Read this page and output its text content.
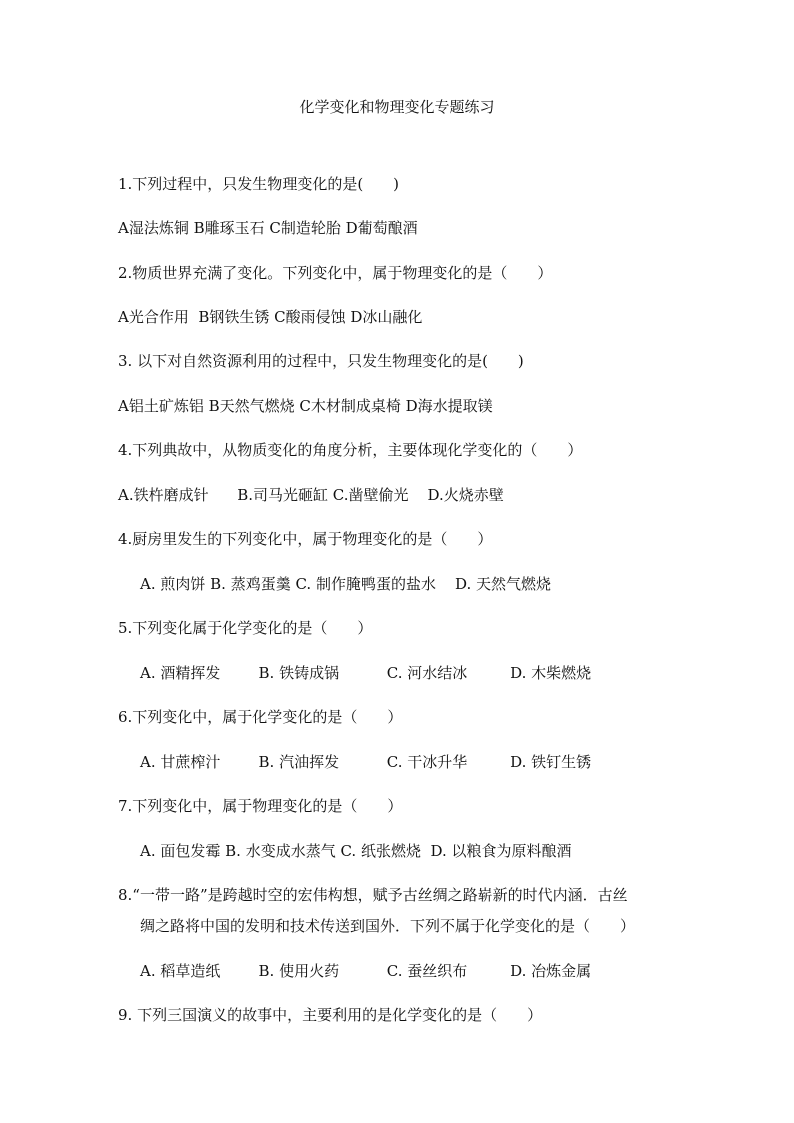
化学变化和物理变化专题练习
1.下列过程中，只发生物理变化的是(　　)
A湿法炼铜 B雕琢玉石 C制造轮胎 D葡萄酿酒
2.物质世界充满了变化。下列变化中，属于物理变化的是（　　）
A光合作用  B钢铁生锈 C酸雨侵蚀 D冰山融化
3. 以下对自然资源利用的过程中，只发生物理变化的是(　　)
A铝土矿炼铝 B天然气燃烧 C木材制成桌椅 D海水提取镁
4.下列典故中，从物质变化的角度分析，主要体现化学变化的（　　）
A.铁杵磨成针      B.司马光砸缸 C.凿壁偷光    D.火烧赤壁
4.厨房里发生的下列变化中，属于物理变化的是（　　）
A. 煎肉饼 B. 蒸鸡蛋羹 C. 制作腌鸭蛋的盐水    D. 天然气燃烧
5.下列变化属于化学变化的是（　　）
A. 酒精挥发        B. 铁铸成锅          C. 河水结冰         D. 木柴燃烧
6.下列变化中，属于化学变化的是（　　）
A. 甘蔗榨汁        B. 汽油挥发          C. 干冰升华         D. 铁钉生锈
7.下列变化中，属于物理变化的是（　　）
A. 面包发霉 B. 水变成水蒸气 C. 纸张燃烧  D. 以粮食为原料酿酒
8.“一带一路”是跨越时空的宏伟构想，赋予古丝绸之路崭新的时代内涵．古丝
绸之路将中国的发明和技术传送到国外．下列不属于化学变化的是（　　）
A. 稻草造纸        B. 使用火药          C. 蚕丝织布         D. 冶炼金属
9. 下列三国演义的故事中，主要利用的是化学变化的是（　　）
